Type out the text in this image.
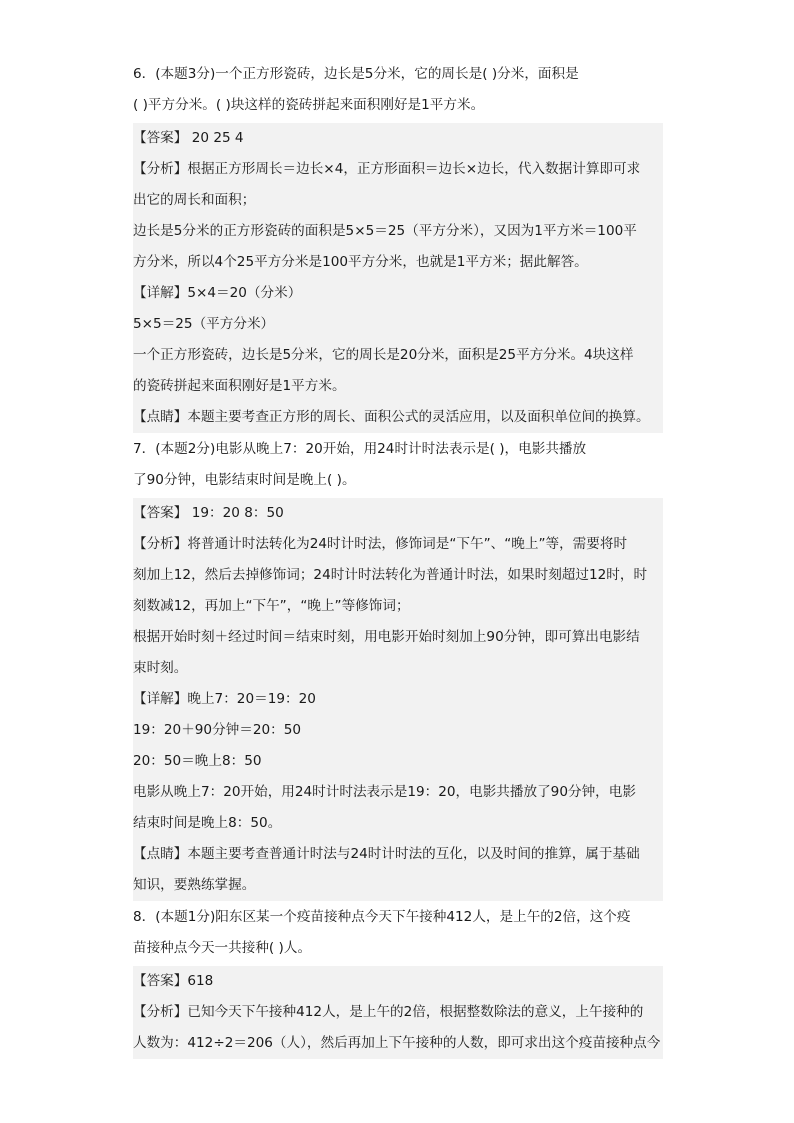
6．(本题3分)一个正方形瓷砖，边长是5分米，它的周长是( )分米，面积是
( )平方分米。( )块这样的瓷砖拼起来面积刚好是1平方米。
【答案】 20 25 4
【分析】根据正方形周长＝边长×4，正方形面积＝边长×边长，代入数据计算即可求
出它的周长和面积；
边长是5分米的正方形瓷砖的面积是5×5＝25（平方分米），又因为1平方米＝100平
方分米，所以4个25平方分米是100平方分米，也就是1平方米；据此解答。
【详解】5×4＝20（分米）
5×5＝25（平方分米）
一个正方形瓷砖，边长是5分米，它的周长是20分米，面积是25平方分米。4块这样
的瓷砖拼起来面积刚好是1平方米。
【点睛】本题主要考查正方形的周长、面积公式的灵活应用，以及面积单位间的换算。
7．(本题2分)电影从晚上7：20开始，用24时计时法表示是( )，电影共播放
了90分钟，电影结束时间是晚上( )。
【答案】 19：20 8：50
【分析】将普通计时法转化为24时计时法，修饰词是“下午”、“晚上”等，需要将时
刻加上12，然后去掉修饰词；24时计时法转化为普通计时法，如果时刻超过12时，时
刻数减12，再加上“下午”，“晚上”等修饰词；
根据开始时刻＋经过时间＝结束时刻，用电影开始时刻加上90分钟，即可算出电影结
束时刻。
【详解】晚上7：20＝19：20
19：20＋90分钟＝20：50
20：50＝晚上8：50
电影从晚上7：20开始，用24时计时法表示是19：20，电影共播放了90分钟，电影
结束时间是晚上8：50。
【点睛】本题主要考查普通计时法与24时计时法的互化，以及时间的推算，属于基础
知识，要熟练掌握。
8．(本题1分)阳东区某一个疫苗接种点今天下午接种412人，是上午的2倍，这个疫
苗接种点今天一共接种( )人。
【答案】618
【分析】已知今天下午接种412人，是上午的2倍，根据整数除法的意义，上午接种的
人数为：412÷2＝206（人），然后再加上下午接种的人数，即可求出这个疫苗接种点今
